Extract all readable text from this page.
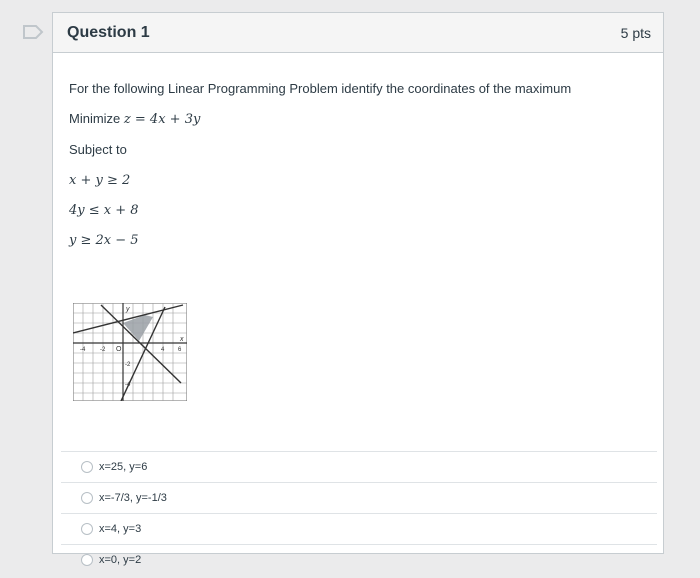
Question 1	5 pts
For the following Linear Programming Problem identify the coordinates of the maximum
Minimize z = 4x + 3y
Subject to
x + y ≥ 2
4y ≤ x + 8
y ≥ 2x − 5
y
x
O
-4 -2	4 6
-2
-4
x=25, y=6
x=-7/3, y=-1/3
x=4, y=3
x=0, y=2
